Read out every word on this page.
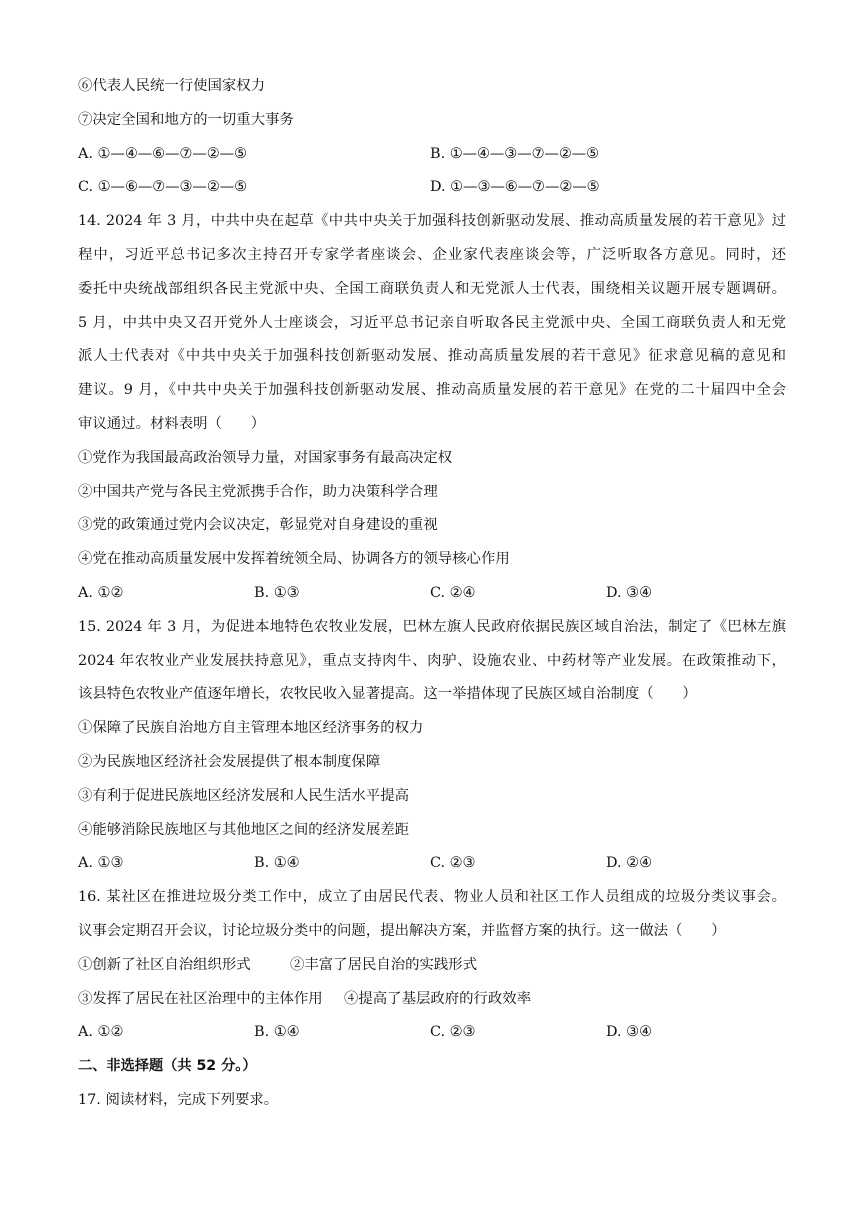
⑥代表人民统一行使国家权力
⑦决定全国和地方的一切重大事务
A. ①—④—⑥—⑦—②—⑤	B. ①—④—③—⑦—②—⑤
C. ①—⑥—⑦—③—②—⑤	D. ①—③—⑥—⑦—②—⑤
14. 2024 年 3 月，中共中央在起草《中共中央关于加强科技创新驱动发展、推动高质量发展的若干意见》过
程中，习近平总书记多次主持召开专家学者座谈会、企业家代表座谈会等，广泛听取各方意见。同时，还
委托中央统战部组织各民主党派中央、全国工商联负责人和无党派人士代表，围绕相关议题开展专题调研。
5 月，中共中央又召开党外人士座谈会，习近平总书记亲自听取各民主党派中央、全国工商联负责人和无党
派人士代表对《中共中央关于加强科技创新驱动发展、推动高质量发展的若干意见》征求意见稿的意见和
建议。9 月，《中共中央关于加强科技创新驱动发展、推动高质量发展的若干意见》在党的二十届四中全会
审议通过。材料表明（　　）
①党作为我国最高政治领导力量，对国家事务有最高决定权
②中国共产党与各民主党派携手合作，助力决策科学合理
③党的政策通过党内会议决定，彰显党对自身建设的重视
④党在推动高质量发展中发挥着统领全局、协调各方的领导核心作用
A. ①②	B. ①③	C. ②④	D. ③④
15. 2024 年 3 月，为促进本地特色农牧业发展，巴林左旗人民政府依据民族区域自治法，制定了《巴林左旗
2024 年农牧业产业发展扶持意见》，重点支持肉牛、肉驴、设施农业、中药材等产业发展。在政策推动下，
该县特色农牧业产值逐年增长，农牧民收入显著提高。这一举措体现了民族区域自治制度（　　）
①保障了民族自治地方自主管理本地区经济事务的权力
②为民族地区经济社会发展提供了根本制度保障
③有利于促进民族地区经济发展和人民生活水平提高
④能够消除民族地区与其他地区之间的经济发展差距
A. ①③	B. ①④	C. ②③	D. ②④
16. 某社区在推进垃圾分类工作中，成立了由居民代表、物业人员和社区工作人员组成的垃圾分类议事会。
议事会定期召开会议，讨论垃圾分类中的问题，提出解决方案，并监督方案的执行。这一做法（　　）
①创新了社区自治组织形式	②丰富了居民自治的实践形式
③发挥了居民在社区治理中的主体作用	④提高了基层政府的行政效率
A. ①②	B. ①④	C. ②③	D. ③④
二、非选择题（共 52 分。）
17. 阅读材料，完成下列要求。
